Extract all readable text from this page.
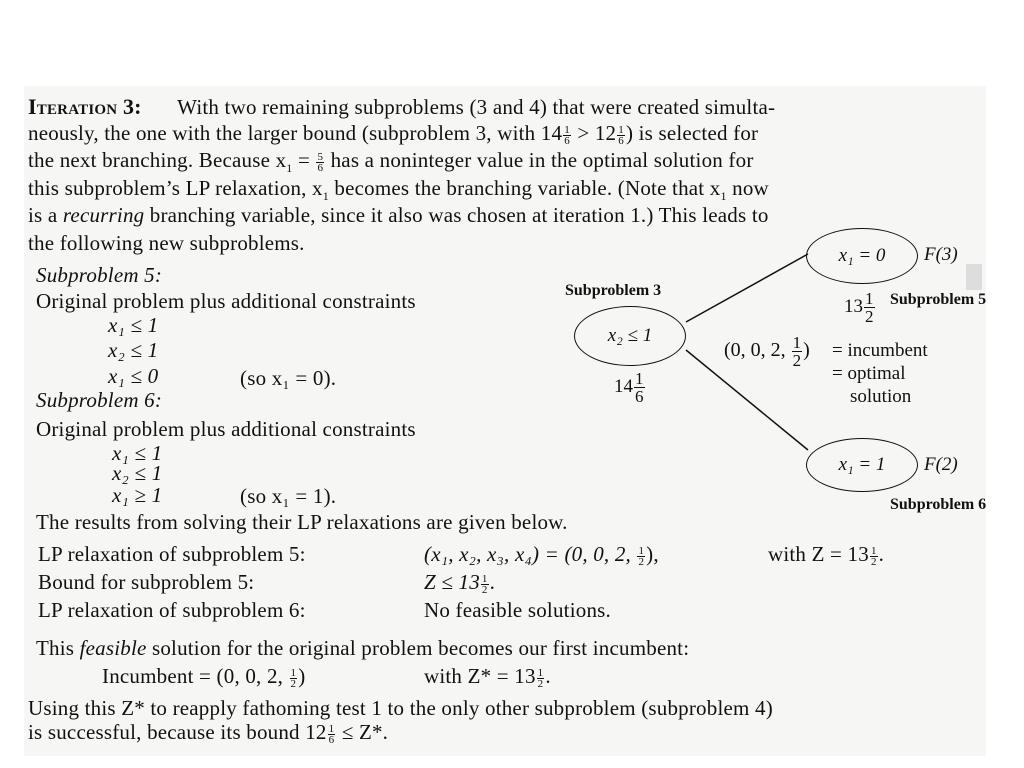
Iteration 3: With two remaining subproblems (3 and 4) that were created simulta-
neously, the one with the larger bound (subproblem 3, with $14 \frac{1}{6} > 12 \frac{1}{6}$ ) is selected for
the next branching. Because $x_1 = \frac{5}{6}$ has a noninteger value in the optimal solution for
this subproblem’s LP relaxation, $x_1$ becomes the branching variable. (Note that $x_1$ now
is a recurring branching variable, since it also was chosen at iteration 1.) This leads to
the following new subproblems.
Subproblem 5:
Original problem plus additional constraints
x₁ ≤ 1
x₂ ≤ 1
x₁ ≤ 0	(so x₁ = 0).
Subproblem 6:
Original problem plus additional constraints
x₁ ≤ 1
x₂ ≤ 1
x₁ ≥ 1	(so x₁ = 1).
The results from solving their LP relaxations are given below.
LP relaxation of subproblem 5:	(x₁, x₂, x₃, x₄) = (0, 0, 2, $\frac{1}{2}$ ),	with $Z = 13 \frac{1}{2}$ .
Bound for subproblem 5:	$Z \le 13 \frac{1}{2}$ .
LP relaxation of subproblem 6:	No feasible solutions.
This feasible solution for the original problem becomes our first incumbent:
Incumbent = (0, 0, 2, $\frac{1}{2}$ )	with $Z* = 13 \frac{1}{2}$ .
Using this Z* to reapply fathoming test 1 to the only other subproblem (subproblem 4)
is successful, because its bound $12 \frac{1}{6} \le Z*$.
Subproblem 3
x₂ ≤ 1
$14 \frac{1}{6}$
x₁ = 0	F(3)
$13 \frac{1}{2}$ Subproblem 5
(0, 0, 2, $\frac{1}{2}$ ) = incumbent
= optimal
solution
x₁ = 1	F(2)
Subproblem 6
